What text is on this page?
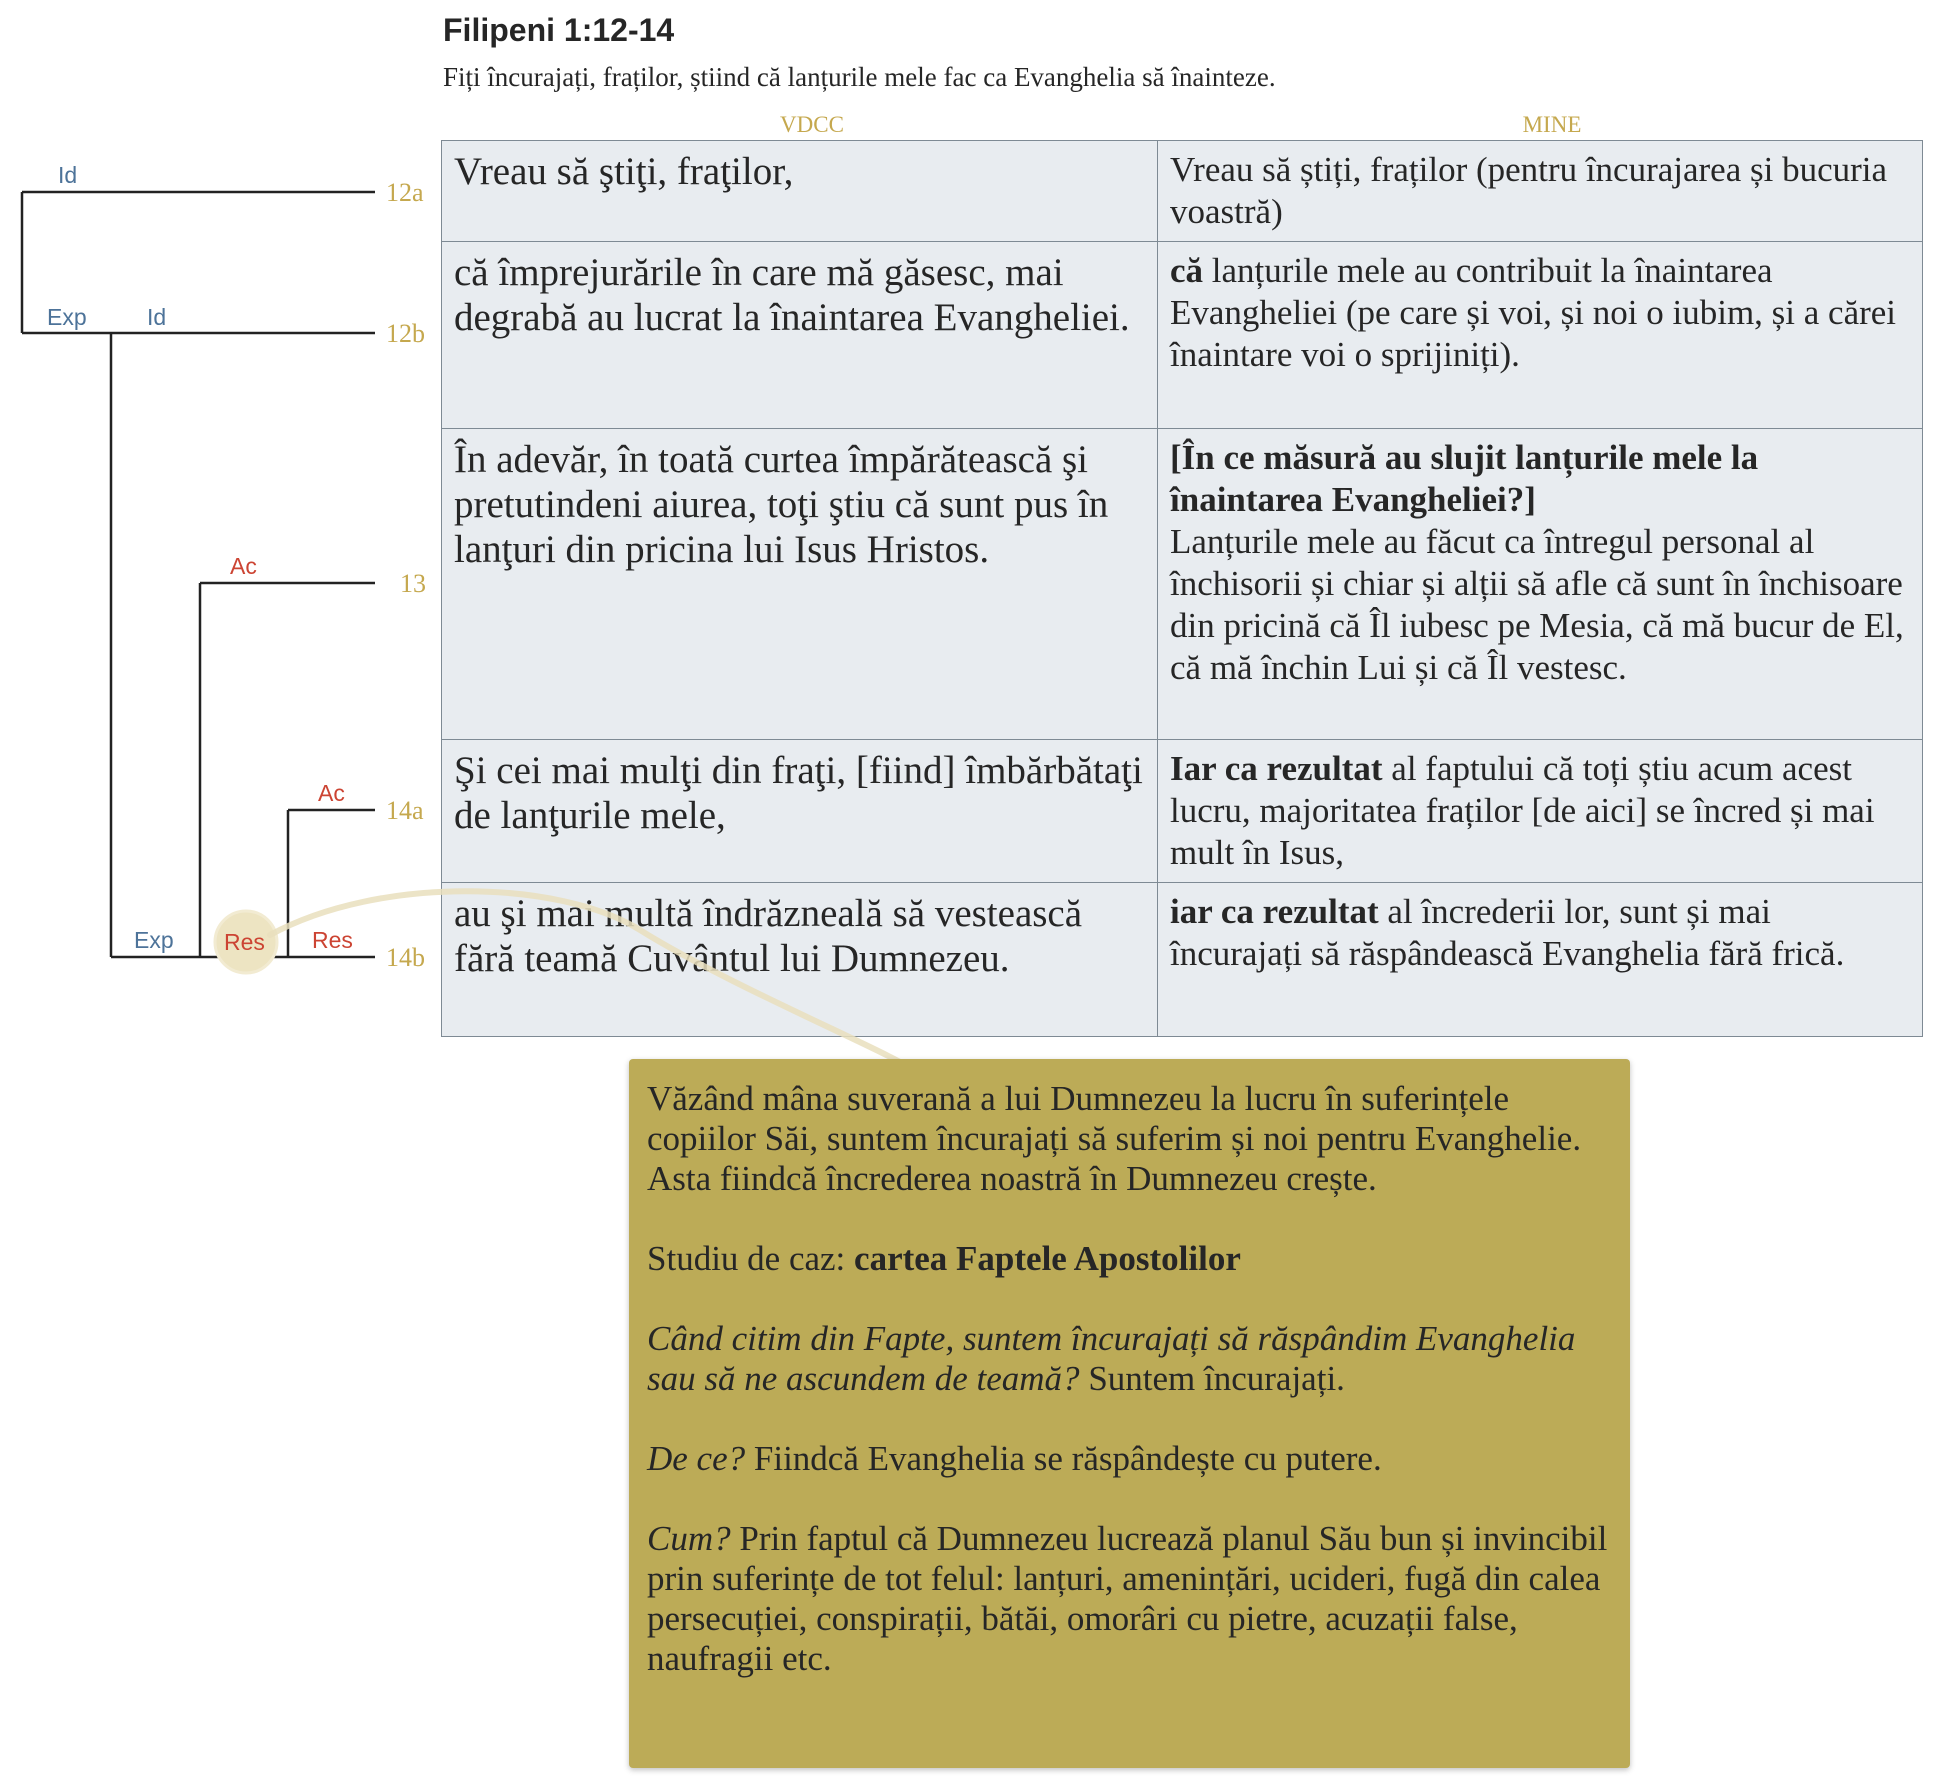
Filipeni 1:12-14
Fiți încurajați, fraților, știind că lanțurile mele fac ca Evanghelia să înainteze.
VDCC	MINE
12a
12b
13
14a
14b
Id
Exp	Id
Ac
Ac
Exp Res Res
Vreau să ştiţi, fraţilor,	Vreau să știți, fraților (pentru încurajarea și bucuria voastră)
că împrejurările în care mă găsesc, mai degrabă au lucrat la înaintarea Evangheliei.	că lanțurile mele au contribuit la înaintarea Evangheliei (pe care și voi, și noi o iubim, și a cărei înaintare voi o sprijiniți).
În adevăr, în toată curtea împărătească şi pretutindeni aiurea, toţi ştiu că sunt pus în lanţuri din pricina lui Isus Hristos.	[În ce măsură au slujit lanțurile mele la înaintarea Evangheliei?]
Lanțurile mele au făcut ca întregul personal al închisorii și chiar și alții să afle că sunt în închisoare din pricină că Îl iubesc pe Mesia, că mă bucur de El, că mă închin Lui și că Îl vestesc.
Şi cei mai mulţi din fraţi, [fiind] îmbărbătaţi de lanţurile mele,	Iar ca rezultat al faptului că toți știu acum acest lucru, majoritatea fraților [de aici] se încred și mai mult în Isus,
au şi mai multă îndrăzneală să vestească fără teamă Cuvântul lui Dumnezeu.	iar ca rezultat al încrederii lor, sunt și mai încurajați să răspândească Evanghelia fără frică.

Văzând mâna suverană a lui Dumnezeu la lucru în suferințele copiilor Săi, suntem încurajați să suferim și noi pentru Evanghelie. Asta fiindcă încrederea noastră în Dumnezeu crește.

Studiu de caz: cartea Faptele Apostolilor

Când citim din Fapte, suntem încurajați să răspândim Evanghelia sau să ne ascundem de teamă? Suntem încurajați.

De ce? Fiindcă Evanghelia se răspândește cu putere.

Cum? Prin faptul că Dumnezeu lucrează planul Său bun și invincibil prin suferințe de tot felul: lanțuri, amenințări, ucideri, fugă din calea persecuției, conspirații, bătăi, omorâri cu pietre, acuzații false, naufragii etc.
